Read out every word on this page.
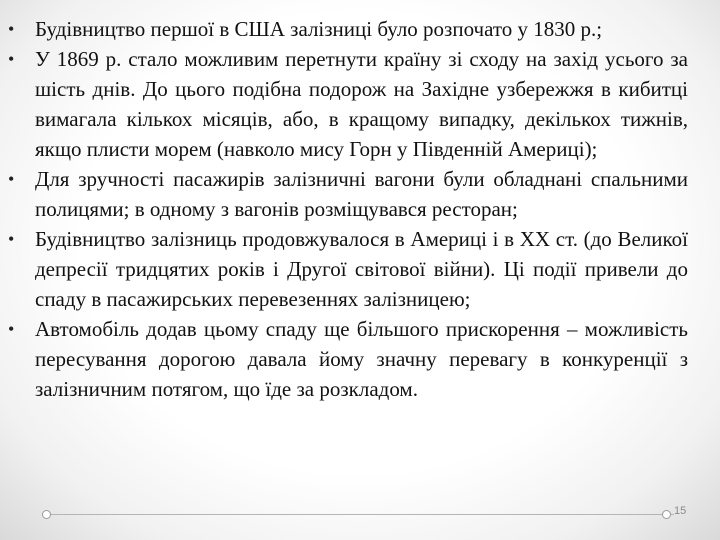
• Будівництво першої в США залізниці було розпочато у 1830 р.;
• У 1869 р. стало можливим перетнути країну зі сходу на захід усього за шість днів. До цього подібна подорож на Західне узбережжя в кибитці вимагала кількох місяців, або, в кращому випадку, декількох тижнів, якщо плисти морем (навколо мису Горн у Південній Америці);
• Для зручності пасажирів залізничні вагони були обладнані спальними полицями; в одному з вагонів розміщувався ресторан;
• Будівництво залізниць продовжувалося в Америці і в ХХ ст. (до Великої депресії тридцятих років і Другої світової війни). Ці події привели до спаду в пасажирських перевезеннях залізницею;
• Автомобіль додав цьому спаду ще більшого прискорення – можливість пересування дорогою давала йому значну перевагу в конкуренції з залізничним потягом, що їде за розкладом.
15
